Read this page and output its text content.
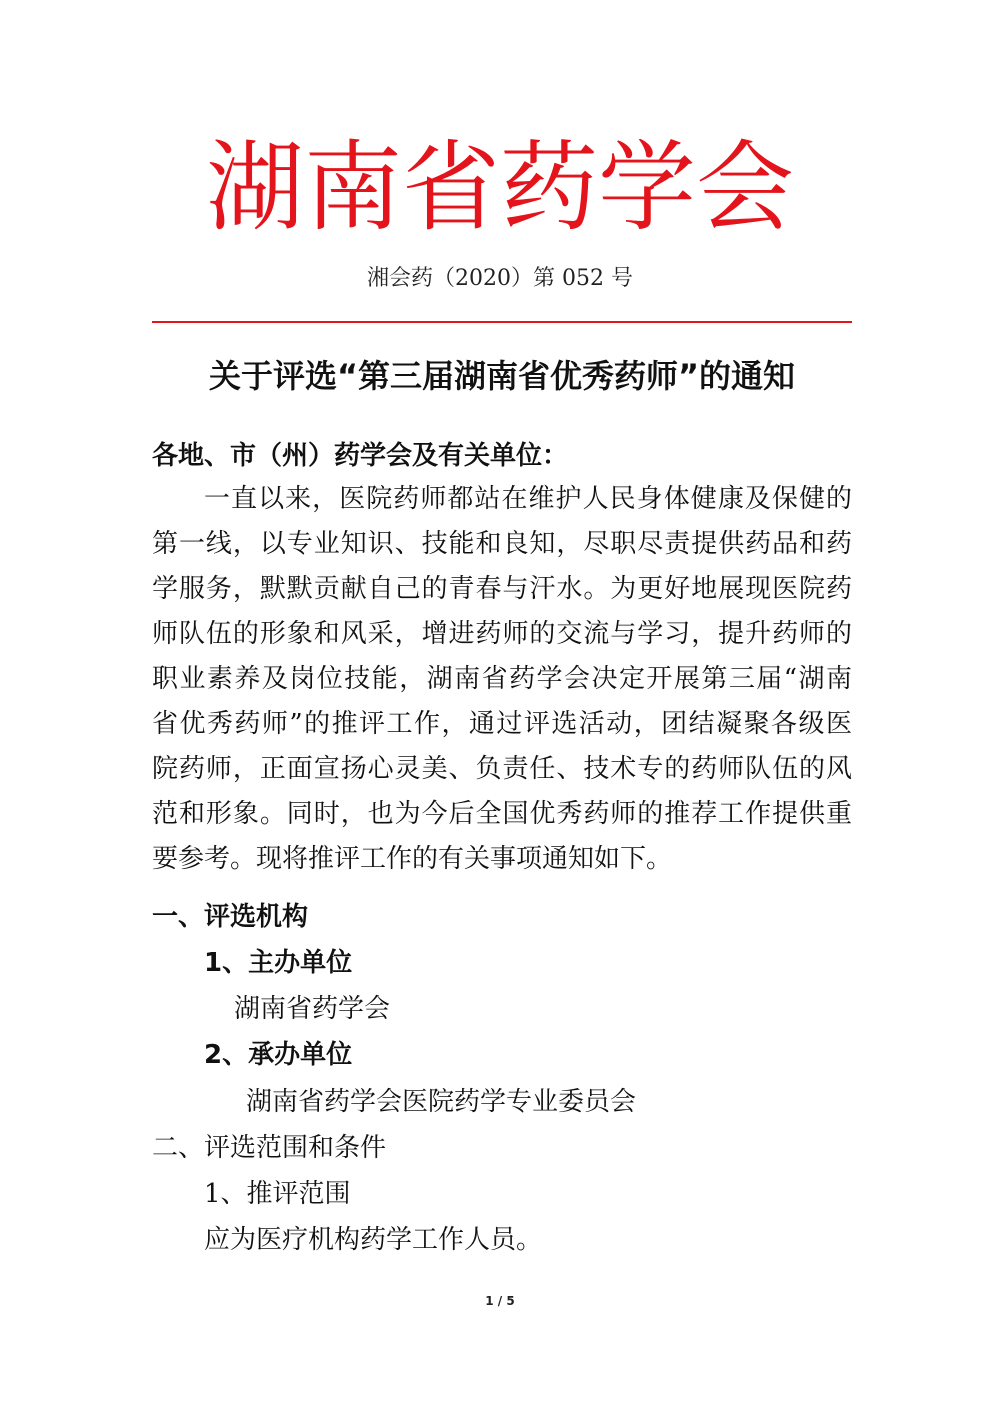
湖南省药学会
湘会药（2020）第 052 号
关于评选“第三届湖南省优秀药师”的通知
各地、市（州）药学会及有关单位：
一直以来，医院药师都站在维护人民身体健康及保健的
第一线，以专业知识、技能和良知，尽职尽责提供药品和药
学服务，默默贡献自己的青春与汗水。为更好地展现医院药
师队伍的形象和风采，增进药师的交流与学习，提升药师的
职业素养及岗位技能，湖南省药学会决定开展第三届“湖南
省优秀药师”的推评工作，通过评选活动，团结凝聚各级医
院药师，正面宣扬心灵美、负责任、技术专的药师队伍的风
范和形象。同时，也为今后全国优秀药师的推荐工作提供重
要参考。现将推评工作的有关事项通知如下。
一、评选机构
1、主办单位
湖南省药学会
2、承办单位
湖南省药学会医院药学专业委员会
二、评选范围和条件
1、推评范围
应为医疗机构药学工作人员。
1 / 5
